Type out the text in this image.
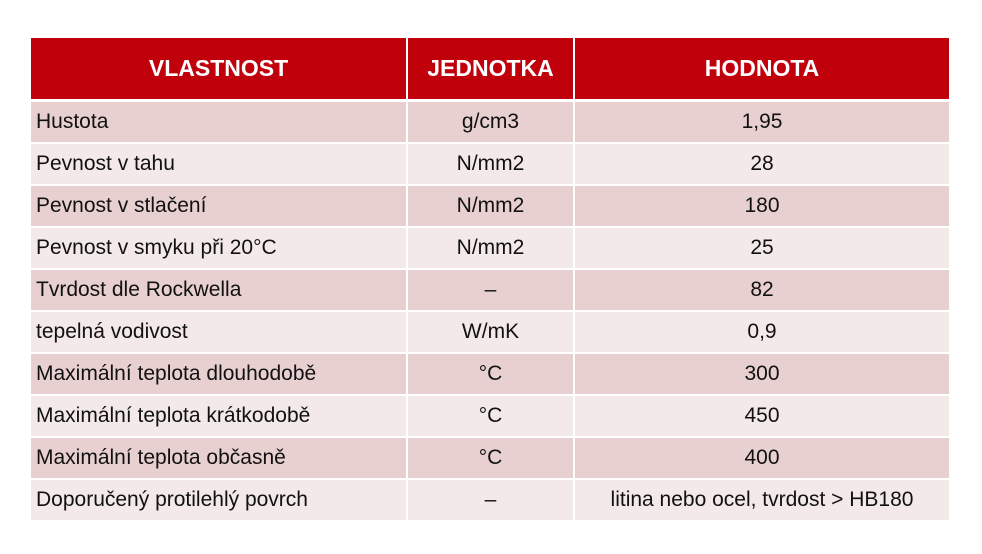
VLASTNOST	JEDNOTKA	HODNOTA
Hustota	g/cm3	1,95
Pevnost v tahu	N/mm2	28
Pevnost v stlačení	N/mm2	180
Pevnost v smyku při 20°C	N/mm2	25
Tvrdost dle Rockwella	–	82
tepelná vodivost	W/mK	0,9
Maximální teplota dlouhodobě	°C	300
Maximální teplota krátkodobě	°C	450
Maximální teplota občasně	°C	400
Doporučený protilehlý povrch	–	litina nebo ocel, tvrdost > HB180
